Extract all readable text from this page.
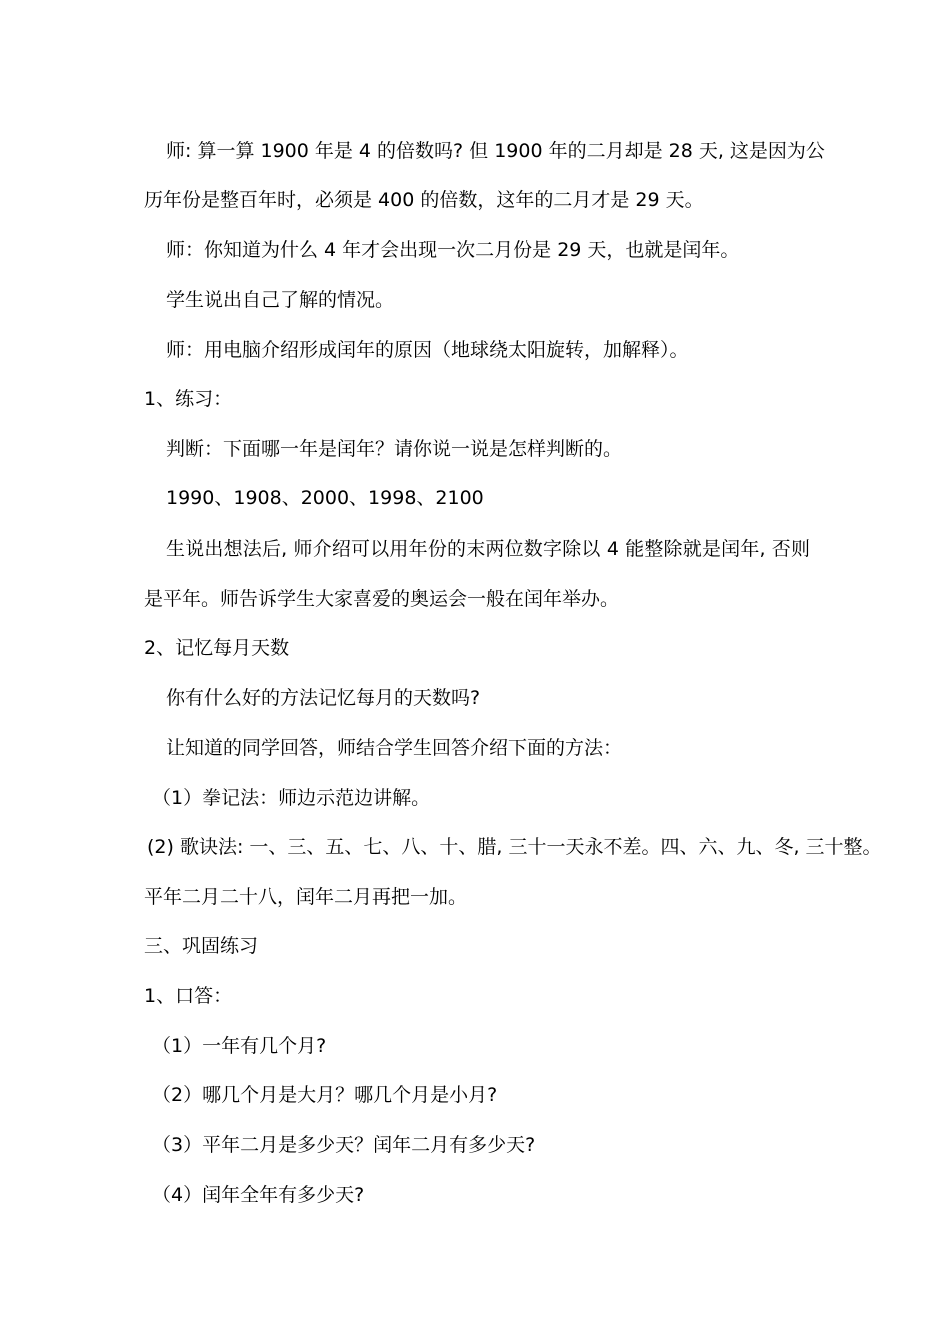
师: 算一算 1900 年是 4 的倍数吗? 但 1900 年的二月却是 28 天, 这是因为公
历年份是整百年时，必须是 400 的倍数，这年的二月才是 29 天。
师：你知道为什么 4 年才会出现一次二月份是 29 天，也就是闰年。
学生说出自己了解的情况。
师：用电脑介绍形成闰年的原因（地球绕太阳旋转，加解释）。
1、练习：
判断：下面哪一年是闰年？请你说一说是怎样判断的。
1990、1908、2000、1998、2100
生说出想法后, 师介绍可以用年份的末两位数字除以 4 能整除就是闰年, 否则
是平年。师告诉学生大家喜爱的奥运会一般在闰年举办。
2、记忆每月天数
你有什么好的方法记忆每月的天数吗?
让知道的同学回答，师结合学生回答介绍下面的方法：
（1）拳记法：师边示范边讲解。
(2) 歌诀法: 一、三、五、七、八、十、腊, 三十一天永不差。四、六、九、冬, 三十整。
平年二月二十八，闰年二月再把一加。
三、巩固练习
1、口答：
（1）一年有几个月?
（2）哪几个月是大月？哪几个月是小月?
（3）平年二月是多少天？闰年二月有多少天?
（4）闰年全年有多少天?
